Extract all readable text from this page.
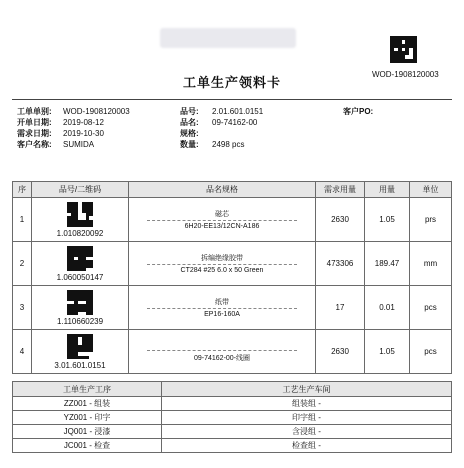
WOD-1908120003
工单生产领料卡
工单单别: WOD-1908120003
开单日期: 2019-08-12
需求日期: 2019-10-30
客户名称: SUMIDA
品号: 2.01.601.0151
品名: 09-74162-00
规格:
数量: 2498 pcs
客户PO:
序	品号/二维码	品名规格	需求用量	用量	单位
1	1.010820092	磁芯
6H20-EE13/12CN-A186	2630	1.05	prs
2	1.060050147	拆编绝缘胶带
CT284 #25 6.0 x 50 Green	473306	189.47	mm
3	1.110660239	纸带
EP16-160A	17	0.01	pcs
4	3.01.601.0151	09-74162-00-线圈	2630	1.05	pcs
工单生产工序	工艺生产车间
ZZ001 - 组装	组装组 -
YZ001 - 印字	印字组 -
JQ001 - 浸漆	含浸组 -
JC001 - 检查	检查组 -
